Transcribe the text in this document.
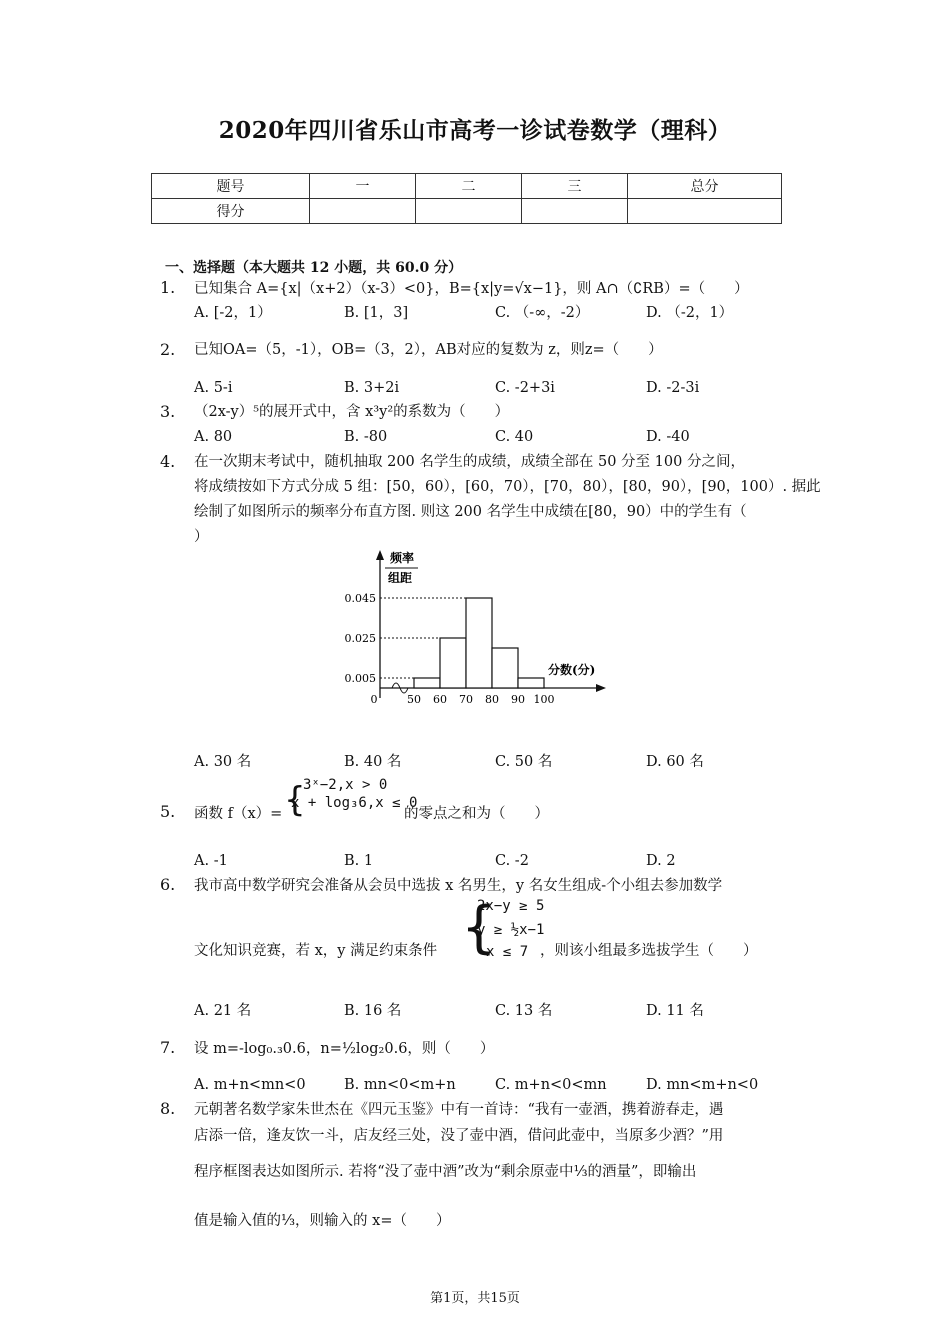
2020年四川省乐山市高考一诊试卷数学（理科）
题号	一	二	三	总分
得分				
一、选择题（本大题共 12 小题，共 60.0 分）
1. 已知集合 A={x|（x+2）（x-3）<0}，B={x|y=√x−1}，则 A∩（∁RB）=（　　）
A. [-2，1）	B. [1，3]	C. （-∞，-2）	D. （-2，1）
2. 已知OA=（5，-1），OB=（3，2），AB对应的复数为 z，则z=（　　）
A. 5-i	B. 3+2i	C. -2+3i	D. -2-3i
3. （2x-y）⁵的展开式中，含 x³y²的系数为（　　）
A. 80	B. -80	C. 40	D. -40
4. 在一次期末考试中，随机抽取 200 名学生的成绩，成绩全部在 50 分至 100 分之间，
将成绩按如下方式分成 5 组：[50，60），[60，70），[70，80），[80，90），[90，100）. 据此
绘制了如图所示的频率分布直方图. 则这 200 名学生中成绩在[80，90）中的学生有（
）
频率
组距
分数(分)
0.005
0.025
0.045
0	50 60 70 80 90 100
A. 30 名	B. 40 名	C. 50 名	D. 60 名
5. 函数 f（x）= {
3ˣ−2,x > 0
x + log₃6,x ≤ 0
的零点之和为（　　）
A. -1	B. 1	C. -2	D. 2
6. 我市高中数学研究会准备从会员中选拔 x 名男生，y 名女生组成-个小组去参加数学
文化知识竞赛，若 x，y 满足约束条件 {
2x−y ≥ 5
y ≥ ½x−1
x ≤ 7 ，则该小组最多选拔学生（　　）
A. 21 名	B. 16 名	C. 13 名	D. 11 名
7. 设 m=-log₀.₃0.6，n=½log₂0.6，则（　　）
A. m+n<mn<0	B. mn<0<m+n	C. m+n<0<mn	D. mn<m+n<0
8. 元朝著名数学家朱世杰在《四元玉鉴》中有一首诗：“我有一壶酒，携着游春走，遇
店添一倍，逢友饮一斗，店友经三处，没了壶中酒，借问此壶中，当原多少酒？”用
程序框图表达如图所示. 若将“没了壶中酒”改为“剩余原壶中⅓的酒量”，即输出
值是输入值的⅓，则输入的 x=（　　）
第1页，共15页
